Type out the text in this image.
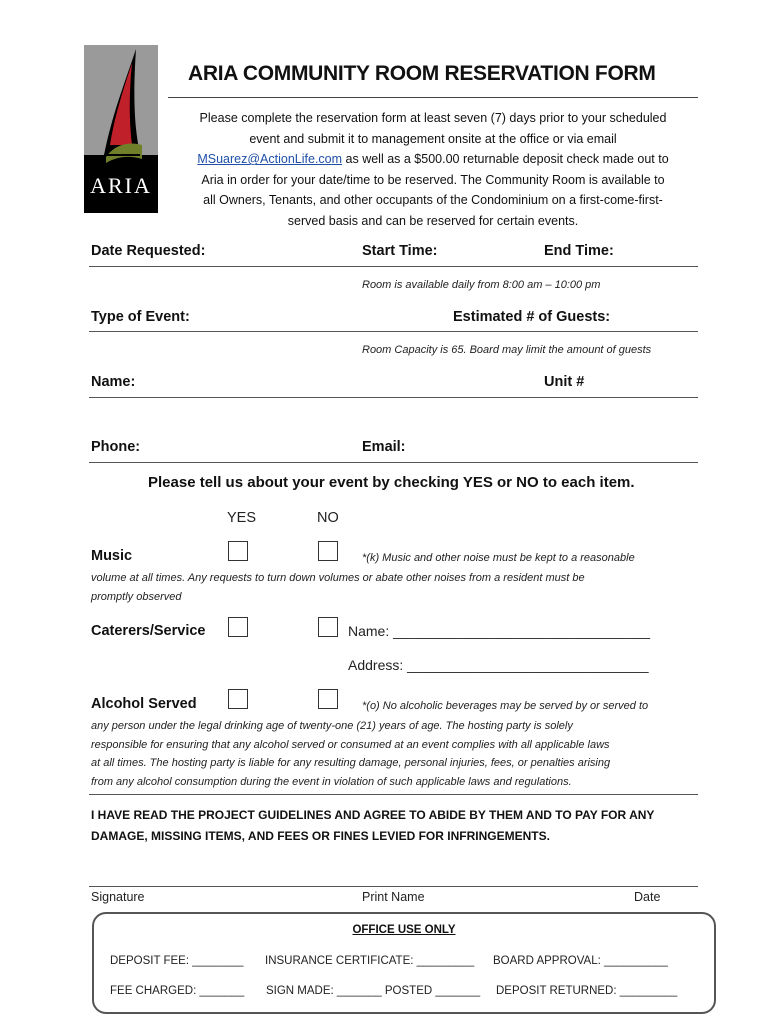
ARIA
ARIA COMMUNITY ROOM RESERVATION FORM
Please complete the reservation form at least seven (7) days prior to your scheduled
event and submit it to management onsite at the office or via email
MSuarez@ActionLife.com as well as a $500.00 returnable deposit check made out to
Aria in order for your date/time to be reserved. The Community Room is available to
all Owners, Tenants, and other occupants of the Condominium on a first-come-first-
served basis and can be reserved for certain events.
Date Requested:	Start Time:	End Time:
Room is available daily from 8:00 am – 10:00 pm
Type of Event:	Estimated # of Guests:
Room Capacity is 65. Board may limit the amount of guests
Name:	Unit #
Phone:	Email:
Please tell us about your event by checking YES or NO to each item.
YES	NO
Music	*(k) Music and other noise must be kept to a reasonable
volume at all times. Any requests to turn down volumes or abate other noises from a resident must be
promptly observed
Caterers/Service	Name: _________________________________
Address: _______________________________
Alcohol Served	*(o) No alcoholic beverages may be served by or served to
any person under the legal drinking age of twenty-one (21) years of age. The hosting party is solely
responsible for ensuring that any alcohol served or consumed at an event complies with all applicable laws
at all times. The hosting party is liable for any resulting damage, personal injuries, fees, or penalties arising
from any alcohol consumption during the event in violation of such applicable laws and regulations.
I HAVE READ THE PROJECT GUIDELINES AND AGREE TO ABIDE BY THEM AND TO PAY FOR ANY
DAMAGE, MISSING ITEMS, AND FEES OR FINES LEVIED FOR INFRINGEMENTS.
Signature	Print Name	Date
OFFICE USE ONLY
DEPOSIT FEE: ________ INSURANCE CERTIFICATE: _________ BOARD APPROVAL: __________
FEE CHARGED: _______ SIGN MADE: _______ POSTED _______ DEPOSIT RETURNED: _________
